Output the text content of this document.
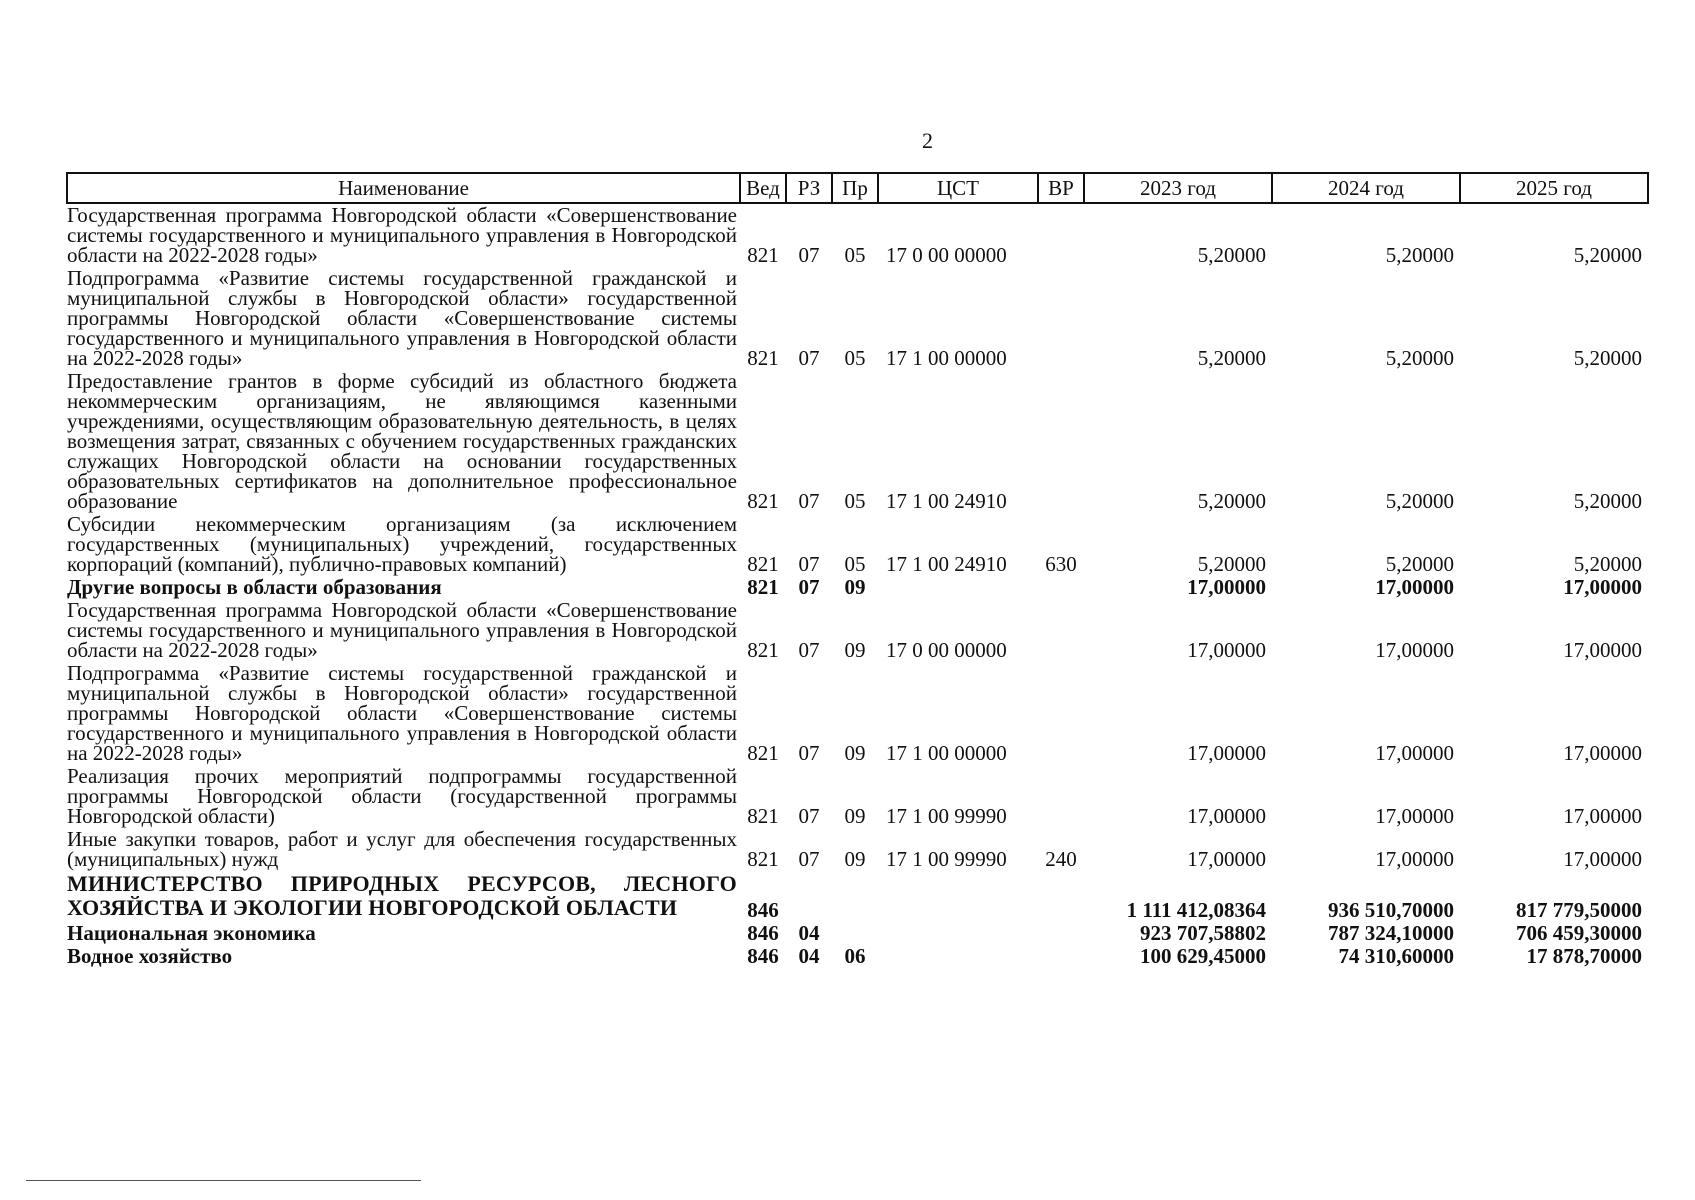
2
Наименование	Вед	РЗ	Пр	ЦСТ	ВР	2023 год	2024 год	2025 год
Государственная программа Новгородской области «Совершенствование системы государственного и муниципального управления в Новгородской области на 2022-2028 годы»	821	07	05	17 0 00 00000		5,20000	5,20000	5,20000
Подпрограмма «Развитие системы государственной гражданской и муниципальной службы в Новгородской области» государственной программы Новгородской области «Совершенствование системы государственного и муниципального управления в Новгородской области на 2022-2028 годы»	821	07	05	17 1 00 00000		5,20000	5,20000	5,20000
Предоставление грантов в форме субсидий из областного бюджета некоммерческим организациям, не являющимся казенными учреждениями, осуществляющим образовательную деятельность, в целях возмещения затрат, связанных с обучением государственных гражданских служащих Новгородской области на основании государственных образовательных сертификатов на дополнительное профессиональное образование	821	07	05	17 1 00 24910		5,20000	5,20000	5,20000
Субсидии некоммерческим организациям (за исключением государственных (муниципальных) учреждений, государственных корпораций (компаний), публично-правовых компаний)	821	07	05	17 1 00 24910	630	5,20000	5,20000	5,20000
Другие вопросы в области образования	821	07	09			17,00000	17,00000	17,00000
Государственная программа Новгородской области «Совершенствование системы государственного и муниципального управления в Новгородской области на 2022-2028 годы»	821	07	09	17 0 00 00000		17,00000	17,00000	17,00000
Подпрограмма «Развитие системы государственной гражданской и муниципальной службы в Новгородской области» государственной программы Новгородской области «Совершенствование системы государственного и муниципального управления в Новгородской области на 2022-2028 годы»	821	07	09	17 1 00 00000		17,00000	17,00000	17,00000
Реализация прочих мероприятий подпрограммы государственной программы Новгородской области (государственной программы Новгородской области)	821	07	09	17 1 00 99990		17,00000	17,00000	17,00000
Иные закупки товаров, работ и услуг для обеспечения государственных (муниципальных) нужд	821	07	09	17 1 00 99990	240	17,00000	17,00000	17,00000
МИНИСТЕРСТВО ПРИРОДНЫХ РЕСУРСОВ, ЛЕСНОГО ХОЗЯЙСТВА И ЭКОЛОГИИ НОВГОРОДСКОЙ ОБЛАСТИ	846					1 111 412,08364	936 510,70000	817 779,50000
Национальная экономика	846	04				923 707,58802	787 324,10000	706 459,30000
Водное хозяйство	846	04	06			100 629,45000	74 310,60000	17 878,70000
